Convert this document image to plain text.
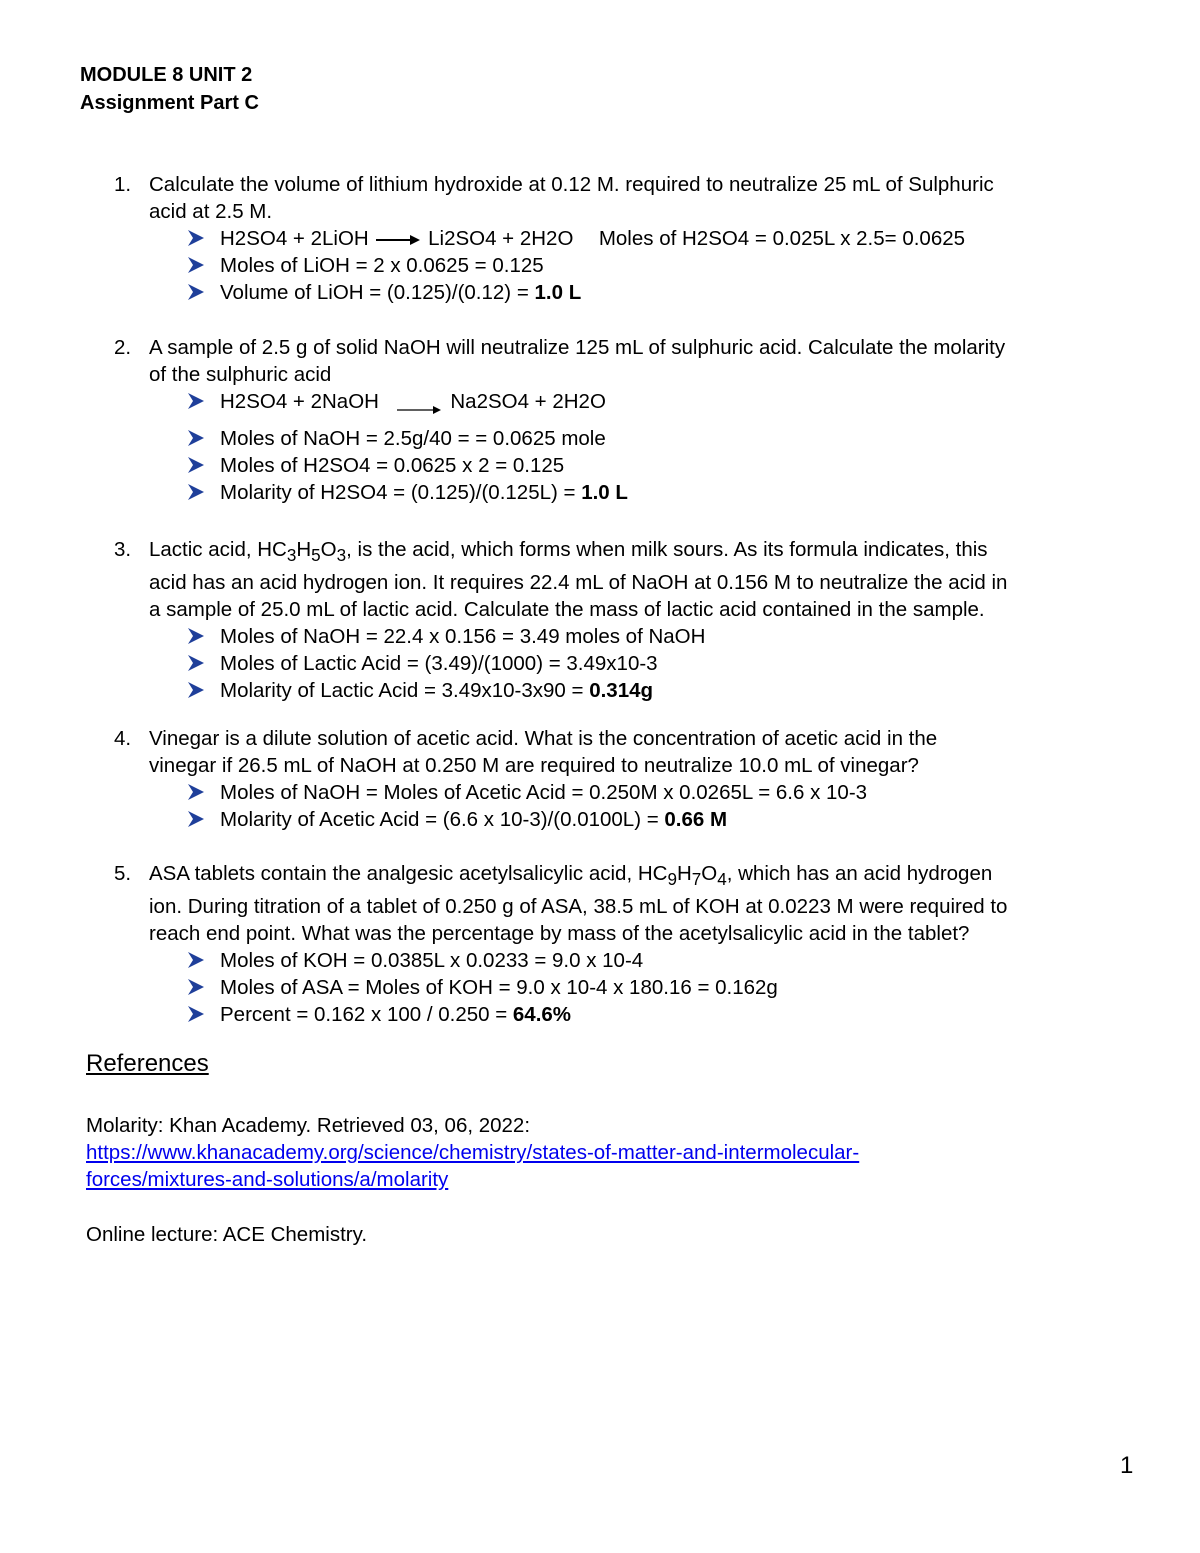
MODULE 8 UNIT 2
Assignment Part C
1. Calculate the volume of lithium hydroxide at 0.12 M. required to neutralize 25 mL of Sulphuric
acid at 2.5 M.
H2SO4 + 2LiOH → Li2SO4 + 2H2O Moles of H2SO4 = 0.025L x 2.5= 0.0625
Moles of LiOH = 2 x 0.0625 = 0.125
Volume of LiOH = (0.125)/(0.12) = 1.0 L
2. A sample of 2.5 g of solid NaOH will neutralize 125 mL of sulphuric acid. Calculate the molarity
of the sulphuric acid
H2SO4 + 2NaOH → Na2SO4 + 2H2O
Moles of NaOH = 2.5g/40 = = 0.0625 mole
Moles of H2SO4 = 0.0625 x 2 = 0.125
Molarity of H2SO4 = (0.125)/(0.125L) = 1.0 L
3. Lactic acid, $HC_3H_5O_3$, is the acid, which forms when milk sours. As its formula indicates, this
acid has an acid hydrogen ion. It requires 22.4 mL of NaOH at 0.156 M to neutralize the acid in
a sample of 25.0 mL of lactic acid. Calculate the mass of lactic acid contained in the sample.
Moles of NaOH = 22.4 x 0.156 = 3.49 moles of NaOH
Moles of Lactic Acid = (3.49)/(1000) = 3.49x10-3
Molarity of Lactic Acid = 3.49x10-3x90 = 0.314g
4. Vinegar is a dilute solution of acetic acid. What is the concentration of acetic acid in the
vinegar if 26.5 mL of NaOH at 0.250 M are required to neutralize 10.0 mL of vinegar?
Moles of NaOH = Moles of Acetic Acid = 0.250M x 0.0265L = 6.6 x 10-3
Molarity of Acetic Acid = (6.6 x 10-3)/(0.0100L) = 0.66 M
5. ASA tablets contain the analgesic acetylsalicylic acid, $HC_9H_7O_4$, which has an acid hydrogen
ion. During titration of a tablet of 0.250 g of ASA, 38.5 mL of KOH at 0.0223 M were required to
reach end point. What was the percentage by mass of the acetylsalicylic acid in the tablet?
Moles of KOH = 0.0385L x 0.0233 = 9.0 x 10-4
Moles of ASA = Moles of KOH = 9.0 x 10-4 x 180.16 = 0.162g
Percent = 0.162 x 100 / 0.250 = 64.6%
References
Molarity: Khan Academy. Retrieved 03, 06, 2022:
https://www.khanacademy.org/science/chemistry/states-of-matter-and-intermolecular-
forces/mixtures-and-solutions/a/molarity
Online lecture: ACE Chemistry.
1
